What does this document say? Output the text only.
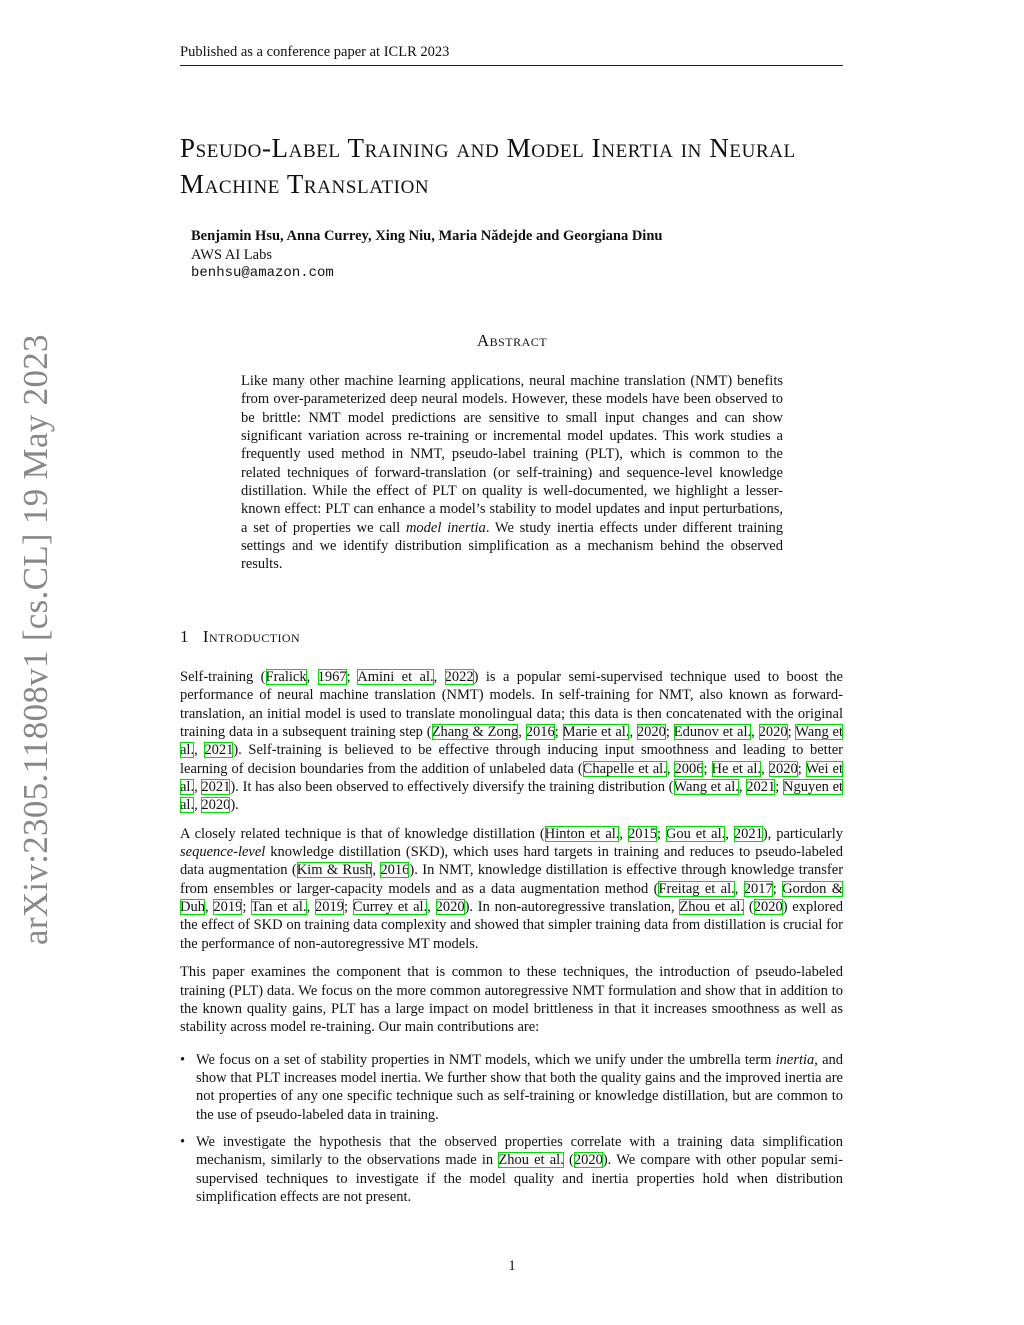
Published as a conference paper at ICLR 2023
arXiv:2305.11808v1 [cs.CL] 19 May 2023
Pseudo-Label Training and Model Inertia in Neural Machine Translation
Benjamin Hsu, Anna Currey, Xing Niu, Maria Nădejde and Georgiana Dinu
AWS AI Labs
benhsu@amazon.com
Abstract
Like many other machine learning applications, neural machine translation (NMT) benefits from over-parameterized deep neural models. However, these models have been observed to be brittle: NMT model predictions are sensitive to small input changes and can show significant variation across re-training or incremental model updates. This work studies a frequently used method in NMT, pseudo-label training (PLT), which is common to the related techniques of forward-translation (or self-training) and sequence-level knowledge distillation. While the effect of PLT on quality is well-documented, we highlight a lesser-known effect: PLT can enhance a model’s stability to model updates and input perturbations, a set of properties we call model inertia. We study inertia effects under different training settings and we identify distribution simplification as a mechanism behind the observed results.
1 Introduction

Self-training (Fralick, 1967; Amini et al., 2022) is a popular semi-supervised technique used to boost the performance of neural machine translation (NMT) models. In self-training for NMT, also known as forward-translation, an initial model is used to translate monolingual data; this data is then concatenated with the original training data in a subsequent training step (Zhang & Zong, 2016; Marie et al., 2020; Edunov et al., 2020; Wang et al., 2021). Self-training is believed to be effective through inducing input smoothness and leading to better learning of decision boundaries from the addition of unlabeled data (Chapelle et al., 2006; He et al., 2020; Wei et al., 2021). It has also been observed to effectively diversify the training distribution (Wang et al., 2021; Nguyen et al., 2020).

A closely related technique is that of knowledge distillation (Hinton et al., 2015; Gou et al., 2021), particularly sequence-level knowledge distillation (SKD), which uses hard targets in training and reduces to pseudo-labeled data augmentation (Kim & Rush, 2016). In NMT, knowledge distillation is effective through knowledge transfer from ensembles or larger-capacity models and as a data augmentation method (Freitag et al., 2017; Gordon & Duh, 2019; Tan et al., 2019; Currey et al., 2020). In non-autoregressive translation, Zhou et al. (2020) explored the effect of SKD on training data complexity and showed that simpler training data from distillation is crucial for the performance of non-autoregressive MT models.

This paper examines the component that is common to these techniques, the introduction of pseudo-labeled training (PLT) data. We focus on the more common autoregressive NMT formulation and show that in addition to the known quality gains, PLT has a large impact on model brittleness in that it increases smoothness as well as stability across model re-training. Our main contributions are:

• We focus on a set of stability properties in NMT models, which we unify under the umbrella term inertia, and show that PLT increases model inertia. We further show that both the quality gains and the improved inertia are not properties of any one specific technique such as self-training or knowledge distillation, but are common to the use of pseudo-labeled data in training.
• We investigate the hypothesis that the observed properties correlate with a training data simplification mechanism, similarly to the observations made in Zhou et al. (2020). We compare with other popular semi-supervised techniques to investigate if the model quality and inertia properties hold when distribution simplification effects are not present.
1
